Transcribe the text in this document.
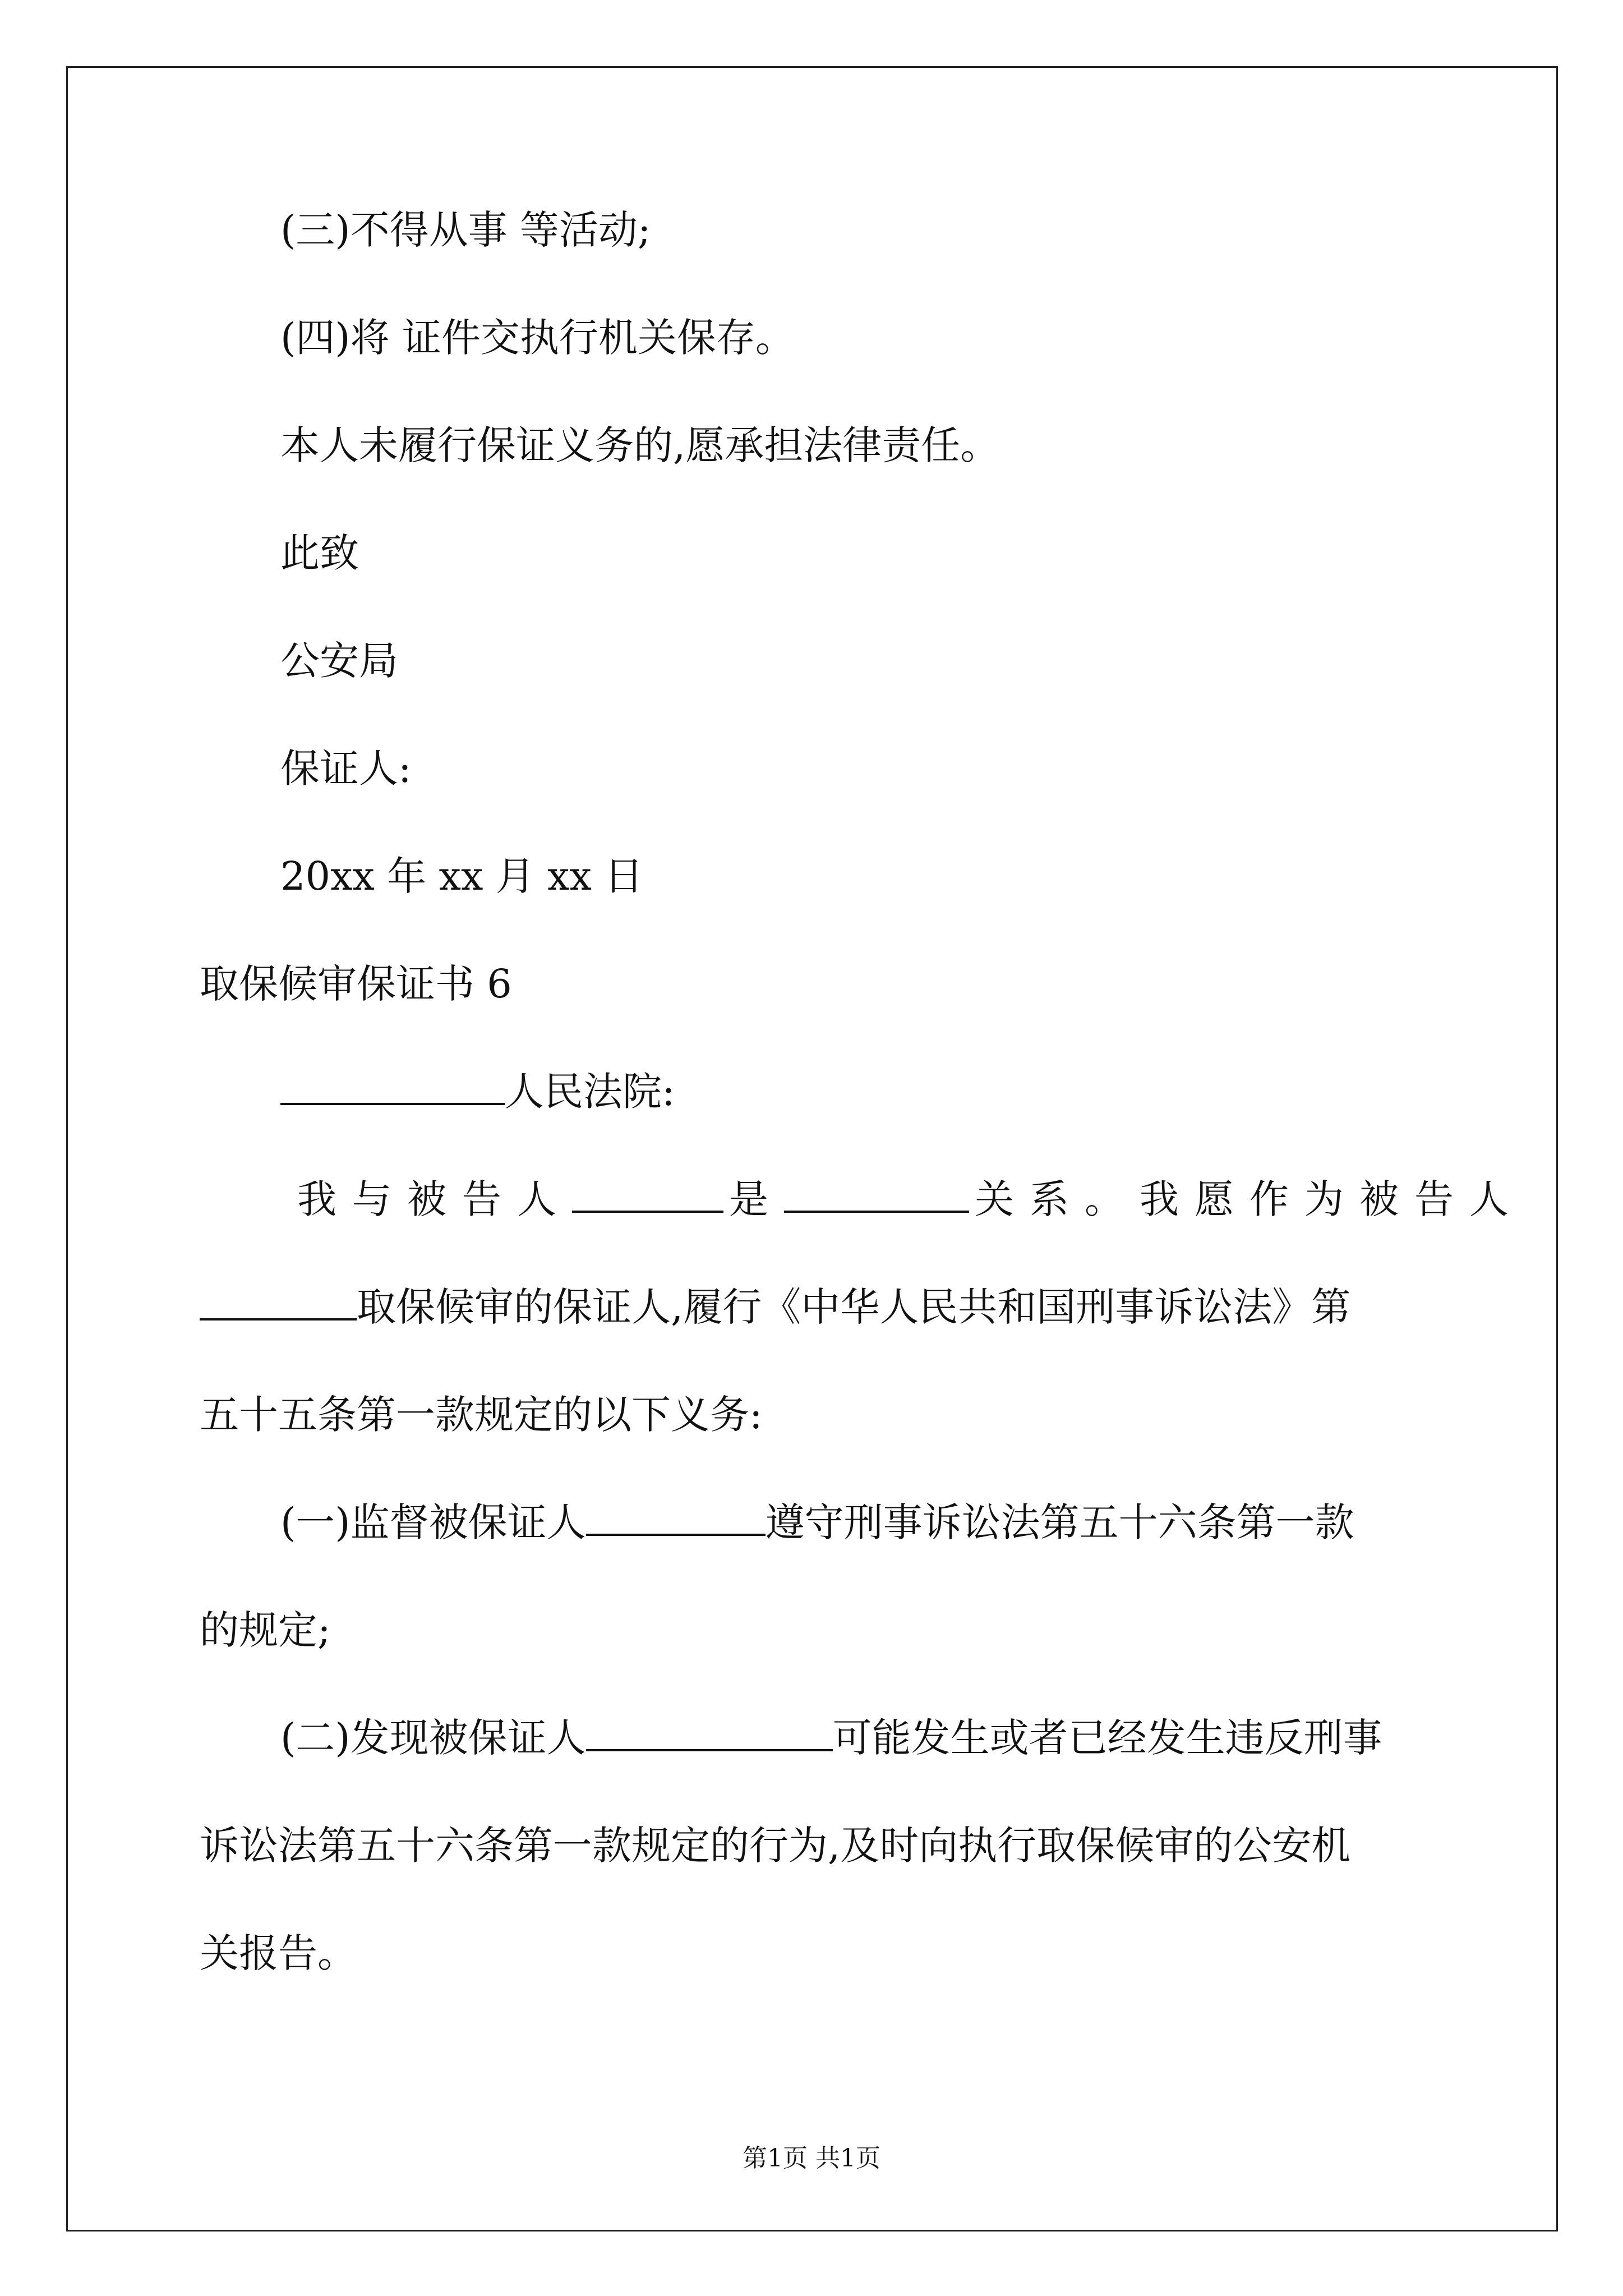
(三)不得从事 等活动;
(四)将 证件交执行机关保存。
本人未履行保证义务的,愿承担法律责任。
此致
公安局
保证人:
20xx 年 xx 月 xx 日
取保候审保证书 6
人民法院:
我与被告人	是	关系。我愿作为被告人
取保候审的保证人,履行《中华人民共和国刑事诉讼法》第
五十五条第一款规定的以下义务:
(一)监督被保证人	遵守刑事诉讼法第五十六条第一款
的规定;
(二)发现被保证人	可能发生或者已经发生违反刑事
诉讼法第五十六条第一款规定的行为,及时向执行取保候审的公安机
关报告。
第1页 共1页
